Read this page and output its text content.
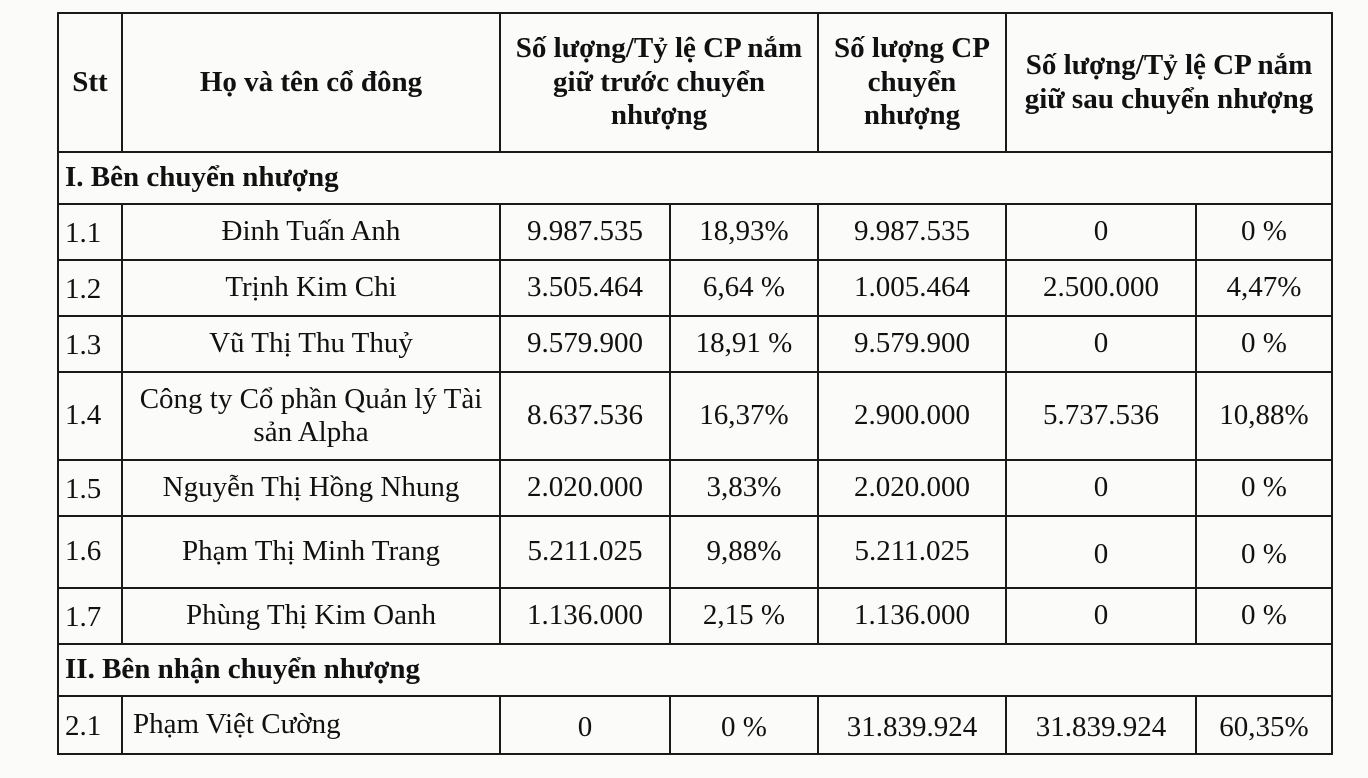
Stt	Họ và tên cổ đông	Số lượng/Tỷ lệ CP nắm giữ trước chuyển nhượng		Số lượng CP chuyển nhượng	Số lượng/Tỷ lệ CP nắm giữ sau chuyển nhượng	
I. Bên chuyển nhượng						
1.1	Đinh Tuấn Anh	9.987.535	18,93%	9.987.535	0	0 %
1.2	Trịnh Kim Chi	3.505.464	6,64 %	1.005.464	2.500.000	4,47%
1.3	Vũ Thị Thu Thuỷ	9.579.900	18,91 %	9.579.900	0	0 %
1.4	Công ty Cổ phần Quản lý Tài sản Alpha	8.637.536	16,37%	2.900.000	5.737.536	10,88%
1.5	Nguyễn Thị Hồng Nhung	2.020.000	3,83%	2.020.000	0	0 %
1.6	Phạm Thị Minh Trang	5.211.025	9,88%	5.211.025	0	0 %
1.7	Phùng Thị Kim Oanh	1.136.000	2,15 %	1.136.000	0	0 %
II. Bên nhận chuyển nhượng						
2.1	Phạm Việt Cường	0	0 %	31.839.924	31.839.924	60,35%
